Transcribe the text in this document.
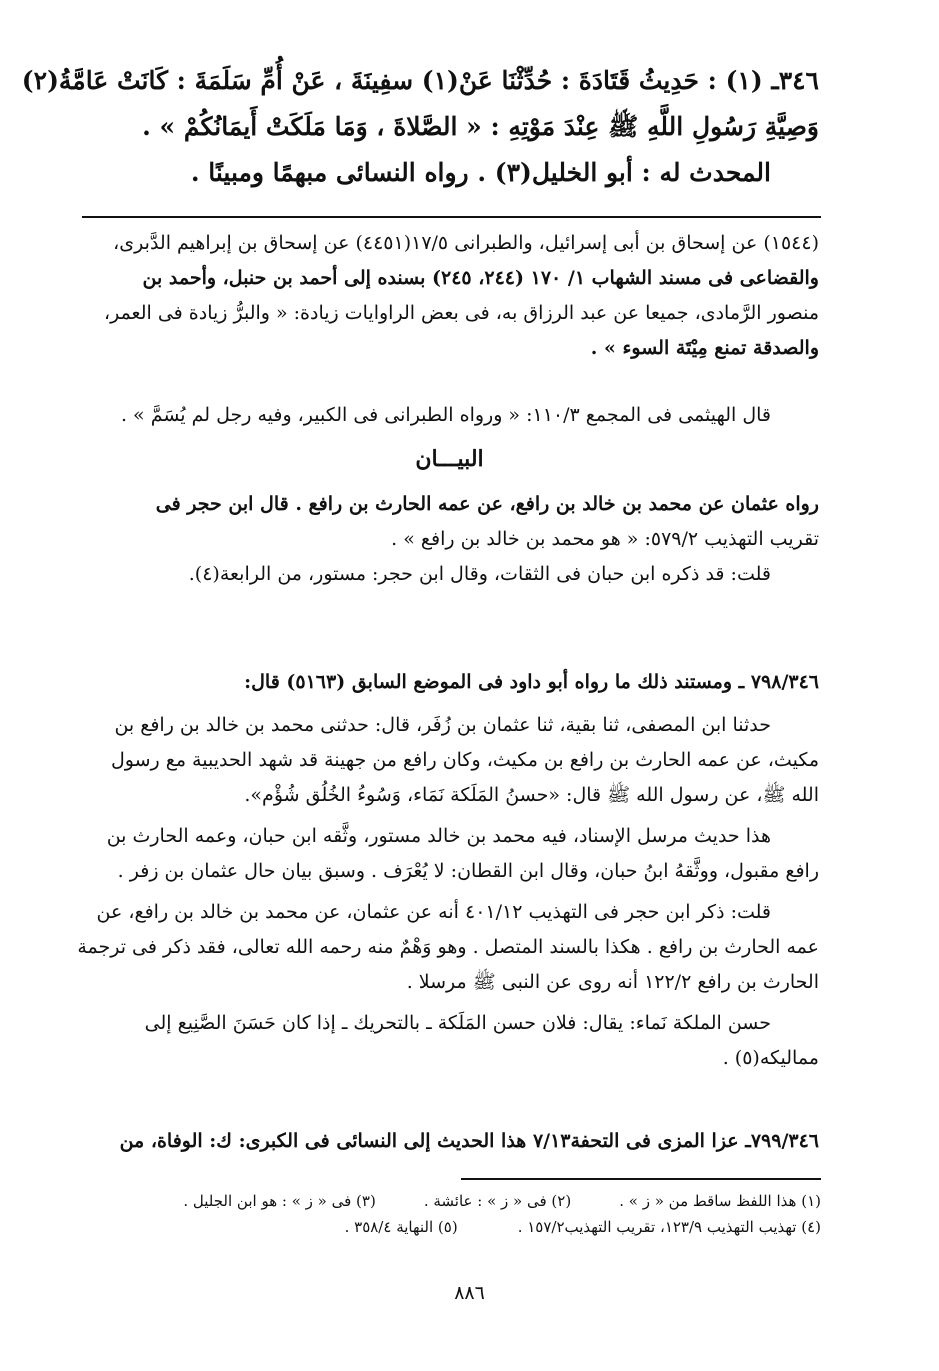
٣٤٦ـ (١) : حَدِيثُ قَتَادَةَ : حُدِّثْنَا عَنْ(١) سفِينَةَ ، عَنْ أُمِّ سَلَمَةَ : كَانَتْ عَامَّةُ(٢)
وَصِيَّةِ رَسُولِ اللَّهِ ﷺ عِنْدَ مَوْتِهِ : « الصَّلاةَ ، وَمَا مَلَكَتْ أَيمَانُكُمْ » .
المحدث له : أبو الخليل(٣) . رواه النسائى مبهمًا ومبينًا .
(١٥٤٤) عن إسحاق بن أبى إسرائيل، والطبرانى ١٧/٥(٤٤٥١) عن إسحاق بن إبراهيم الدَّبرى،
والقضاعى فى مسند الشهاب ١/ ١٧٠ (٢٤٤، ٢٤٥) بسنده إلى أحمد بن حنبل، وأحمد بن
منصور الرَّمادى، جميعا عن عبد الرزاق به، فى بعض الراوايات زيادة: « والبرُّ زيادة فى العمر،
والصدقة تمنع مِيْتَة السوء » .
قال الهيثمى فى المجمع ١١٠/٣: « ورواه الطبرانى فى الكبير، وفيه رجل لم يُسَمَّ » .
البيـــان
رواه عثمان عن محمد بن خالد بن رافع، عن عمه الحارث بن رافع . قال ابن حجر فى
تقريب التهذيب ٥٧٩/٢: « هو محمد بن خالد بن رافع » .
قلت: قد ذكره ابن حبان فى الثقات، وقال ابن حجر: مستور، من الرابعة(٤).
٧٩٨/٣٤٦ ـ ومستند ذلك ما رواه أبو داود فى الموضع السابق (٥١٦٣) قال:
حدثنا ابن المصفى، ثنا بقية، ثنا عثمان بن زُفَر، قال: حدثنى محمد بن خالد بن رافع بن
مكيث، عن عمه الحارث بن رافع بن مكيث، وكان رافع من جهينة قد شهد الحديبية مع رسول
الله ﷺ، عن رسول الله ﷺ قال: «حسنُ المَلَكة نَمَاء، وَسُوءُ الخُلُق شُؤْم».
هذا حديث مرسل الإسناد، فيه محمد بن خالد مستور، وثَّقه ابن حبان، وعمه الحارث بن
رافع مقبول، ووثَّقهُ ابنُ حبان، وقال ابن القطان: لا يُعْرَف . وسبق بيان حال عثمان بن زفر .
قلت: ذكر ابن حجر فى التهذيب ٤٠١/١٢ أنه عن عثمان، عن محمد بن خالد بن رافع، عن
عمه الحارث بن رافع . هكذا بالسند المتصل . وهو وَهْمٌ منه رحمه الله تعالى، فقد ذكر فى ترجمة
الحارث بن رافع ١٢٢/٢ أنه روى عن النبى ﷺ مرسلا .
حسن الملكة نَماء: يقال: فلان حسن المَلَكة ـ بالتحريك ـ إذا كان حَسَنَ الصَّنِيع إلى
مماليكه(٥) .
٧٩٩/٣٤٦ـ عزا المزى فى التحفة٧/١٣ هذا الحديث إلى النسائى فى الكبرى: ك: الوفاة، من
(١) هذا اللفظ ساقط من « ز » .
(٢) فى « ز » : عائشة .
(٣) فى « ز » : هو ابن الجليل .
(٤) تهذيب التهذيب ١٢٣/٩، تقريب التهذيب١٥٧/٢ .
(٥) النهاية ٣٥٨/٤ .
٨٨٦
